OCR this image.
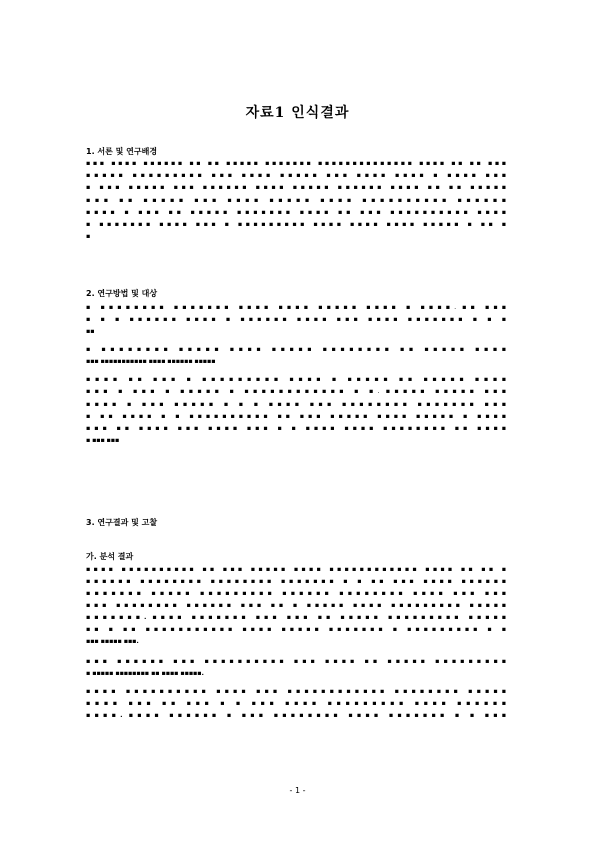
자료1 인식결과
1. 서론 및 연구배경
▪▪▪ ▪▪▪▪ ▪▪▪▪▪▪ ▪▪ ▪▪ ▪▪▪▪▪ ▪▪▪▪▪▪▪ ▪▪▪▪▪▪▪▪▪▪▪▪▪▪ ▪▪▪▪ ▪▪ ▪▪ ▪▪▪
▪▪▪▪▪ ▪▪▪▪▪▪▪▪▪ ▪▪▪ ▪▪▪▪ ▪▪▪▪▪ ▪▪▪ ▪▪▪▪ ▪▪▪▪ ▪ ▪▪▪▪ ▪▪▪
▪ ▪▪▪ ▪▪▪▪▪ ▪▪▪ ▪▪▪▪▪▪ ▪▪▪▪ ▪▪▪▪▪ ▪▪▪▪▪▪ ▪▪▪▪ ▪▪ ▪▪ ▪▪▪▪▪
▪▪▪ ▪▪ ▪▪▪▪▪ ▪▪▪ ▪▪▪▪ ▪▪▪▪▪ ▪▪▪▪ ▪▪▪▪▪▪▪▪▪▪ ▪▪▪▪▪▪
▪▪▪▪ ▪ ▪▪▪ ▪▪ ▪▪▪▪▪ ▪▪▪▪▪▪▪ ▪▪▪▪ ▪▪ ▪▪▪ ▪▪▪▪▪▪▪▪▪▪ ▪▪▪▪
▪ ▪▪▪▪▪▪▪ ▪▪▪▪ ▪▪▪ ▪ ▪▪▪▪▪▪▪▪▪ ▪▪▪▪ ▪▪▪▪ ▪▪▪▪ ▪▪▪▪▪ ▪ ▪▪ ▪
▪
2. 연구방법 및 대상
▪ ▪▪▪▪▪▪▪▪ ▪▪▪▪▪▪▪ ▪▪▪▪ ▪▪▪▪ ▪▪▪▪▪ ▪▪▪▪ ▪ ▪▪▪▪. ▪▪ ▪▪▪
▪ ▪ ▪ ▪▪▪▪▪▪ ▪▪▪▪ ▪ ▪▪▪▪▪▪ ▪▪▪▪ ▪▪▪ ▪▪▪▪ ▪▪▪▪▪▪▪ ▪ ▪ ▪
▪▪
▪ ▪▪▪▪▪▪▪▪ ▪▪▪▪▪ ▪▪▪▪ ▪▪▪▪▪ ▪▪▪▪▪▪▪▪ ▪▪ ▪▪▪▪▪ ▪▪▪▪
▪▪▪ ▪▪▪▪▪▪▪▪▪▪▪ ▪▪▪▪ ▪▪▪▪▪▪ ▪▪▪▪▪
▪▪▪▪ ▪▪ ▪▪▪ ▪ ▪▪▪▪▪▪▪▪▪ ▪▪▪▪ ▪ ▪▪▪▪▪ ▪▪ ▪▪▪▪▪ ▪▪▪▪
▪▪▪ ▪ ▪▪▪ ▪ ▪▪▪▪▪ ▪ ▪▪▪▪▪▪▪▪▪▪▪▪ ▪ ▪. ▪▪▪▪▪ ▪▪▪▪▪ ▪▪▪
▪▪▪▪ ▪ ▪▪▪ ▪▪▪▪▪ ▪ ▪ ▪ ▪▪▪▪ ▪▪▪ ▪▪▪▪▪▪▪▪ ▪▪▪▪▪▪▪ ▪▪▪
▪ ▪▪ ▪▪▪▪ ▪ ▪ ▪▪▪▪▪▪▪▪▪▪ ▪▪ ▪▪▪ ▪▪▪▪▪ ▪▪▪▪ ▪▪▪▪▪ ▪ ▪▪▪▪
▪▪▪ ▪▪ ▪▪▪▪ ▪▪▪ ▪▪▪▪ ▪▪▪ ▪ ▪ ▪▪▪▪ ▪▪▪▪ ▪▪▪▪▪▪▪▪ ▪▪ ▪▪▪▪
▪ ▪▪▪ ▪▪▪
3. 연구결과 및 고찰
가. 분석 결과
▪▪▪▪ ▪▪▪▪▪▪▪▪▪▪ ▪▪ ▪▪▪ ▪▪▪▪▪ ▪▪▪▪ ▪▪▪▪▪▪▪▪▪▪▪▪ ▪▪▪▪ ▪▪ ▪▪ ▪
▪▪▪▪▪▪ ▪▪▪▪▪▪▪▪ ▪▪▪▪▪▪▪▪ ▪▪▪▪▪▪▪ ▪ ▪ ▪▪ ▪▪▪ ▪▪▪▪ ▪▪▪▪▪▪
▪▪▪▪▪▪▪ ▪▪▪▪▪ ▪▪▪▪▪▪▪▪▪ ▪▪▪▪▪▪ ▪▪▪▪▪▪▪▪ ▪▪▪▪ ▪▪▪ ▪▪▪
▪▪▪ ▪▪▪▪▪▪▪▪ ▪▪▪▪▪▪ ▪▪▪ ▪▪ ▪ ▪▪▪▪▪ ▪▪▪▪ ▪▪▪▪▪▪▪▪▪ ▪▪▪▪▪
▪▪▪▪▪▪▪. ▪▪▪▪ ▪▪▪▪▪▪▪ ▪▪▪ ▪▪▪ ▪▪ ▪▪▪▪▪ ▪▪▪▪▪▪▪▪▪ ▪▪▪▪▪
▪▪ ▪ ▪▪ ▪▪▪▪▪▪▪▪▪▪▪ ▪▪▪▪ ▪▪▪▪▪ ▪▪▪▪▪▪▪ ▪ ▪▪▪▪▪▪▪▪▪ ▪ ▪
▪▪▪ ▪▪▪▪▪ ▪▪▪.
▪▪▪ ▪▪▪▪▪▪ ▪▪▪ ▪▪▪▪▪▪▪▪▪▪ ▪▪▪ ▪▪▪▪ ▪▪ ▪▪▪▪▪ ▪▪▪▪▪▪▪▪▪
▪ ▪▪▪▪▪ ▪▪▪▪▪▪▪▪ ▪▪ ▪▪▪▪ ▪▪▪▪▪.
▪▪▪▪ ▪▪▪▪▪▪▪▪▪▪ ▪▪▪▪ ▪▪▪ ▪▪▪▪▪▪▪▪▪▪▪▪ ▪▪▪▪▪▪▪▪ ▪▪▪▪▪
▪▪▪▪ ▪▪▪ ▪▪ ▪▪▪ ▪ ▪ ▪▪▪ ▪▪▪▪ ▪▪▪▪▪▪▪▪▪ ▪▪▪▪ ▪▪▪▪▪▪
▪▪▪▪. ▪▪▪▪ ▪▪▪▪▪▪ ▪ ▪▪▪ ▪▪▪▪▪▪▪▪ ▪▪▪▪ ▪▪▪▪▪▪▪ ▪ ▪ ▪▪▪
- 1 -
